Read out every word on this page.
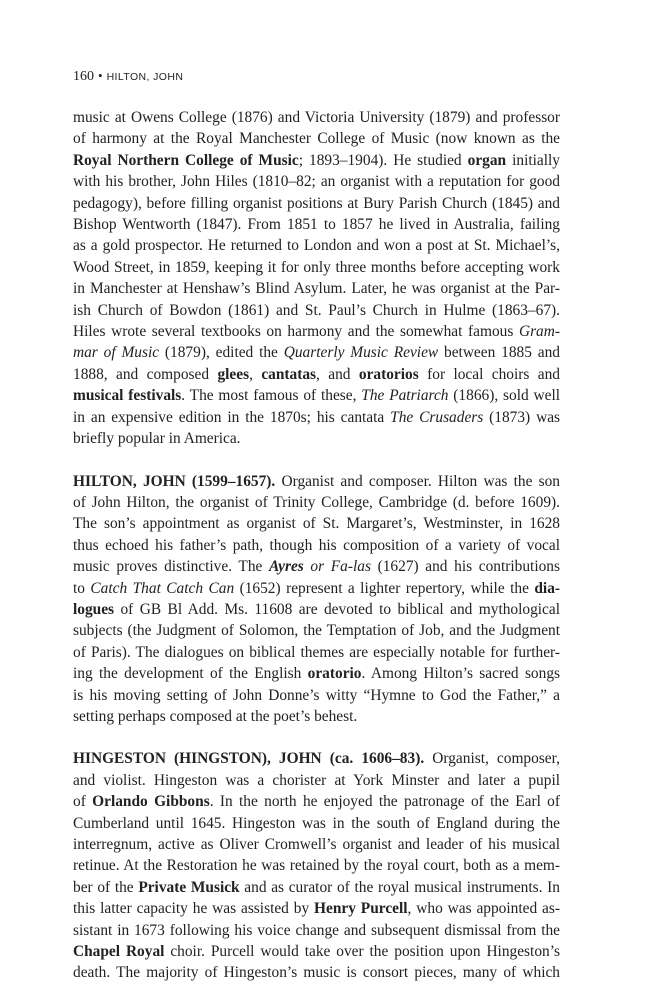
160 • HILTON, JOHN

music at Owens College (1876) and Victoria University (1879) and professor
of harmony at the Royal Manchester College of Music (now known as the
Royal Northern College of Music; 1893–1904). He studied organ initially
with his brother, John Hiles (1810–82; an organist with a reputation for good
pedagogy), before filling organist positions at Bury Parish Church (1845) and
Bishop Wentworth (1847). From 1851 to 1857 he lived in Australia, failing
as a gold prospector. He returned to London and won a post at St. Michael’s,
Wood Street, in 1859, keeping it for only three months before accepting work
in Manchester at Henshaw’s Blind Asylum. Later, he was organist at the Par-
ish Church of Bowdon (1861) and St. Paul’s Church in Hulme (1863–67).
Hiles wrote several textbooks on harmony and the somewhat famous Gram-
mar of Music (1879), edited the Quarterly Music Review between 1885 and
1888, and composed glees, cantatas, and oratorios for local choirs and
musical festivals. The most famous of these, The Patriarch (1866), sold well
in an expensive edition in the 1870s; his cantata The Crusaders (1873) was
briefly popular in America.

HILTON, JOHN (1599–1657). Organist and composer. Hilton was the son
of John Hilton, the organist of Trinity College, Cambridge (d. before 1609).
The son’s appointment as organist of St. Margaret’s, Westminster, in 1628
thus echoed his father’s path, though his composition of a variety of vocal
music proves distinctive. The Ayres or Fa-las (1627) and his contributions
to Catch That Catch Can (1652) represent a lighter repertory, while the dia-
logues of GB Bl Add. Ms. 11608 are devoted to biblical and mythological
subjects (the Judgment of Solomon, the Temptation of Job, and the Judgment
of Paris). The dialogues on biblical themes are especially notable for further-
ing the development of the English oratorio. Among Hilton’s sacred songs
is his moving setting of John Donne’s witty “Hymne to God the Father,” a
setting perhaps composed at the poet’s behest.

HINGESTON (HINGSTON), JOHN (ca. 1606–83). Organist, composer,
and violist. Hingeston was a chorister at York Minster and later a pupil
of Orlando Gibbons. In the north he enjoyed the patronage of the Earl of
Cumberland until 1645. Hingeston was in the south of England during the
interregnum, active as Oliver Cromwell’s organist and leader of his musical
retinue. At the Restoration he was retained by the royal court, both as a mem-
ber of the Private Musick and as curator of the royal musical instruments. In
this latter capacity he was assisted by Henry Purcell, who was appointed as-
sistant in 1673 following his voice change and subsequent dismissal from the
Chapel Royal choir. Purcell would take over the position upon Hingeston’s
death. The majority of Hingeston’s music is consort pieces, many of which
